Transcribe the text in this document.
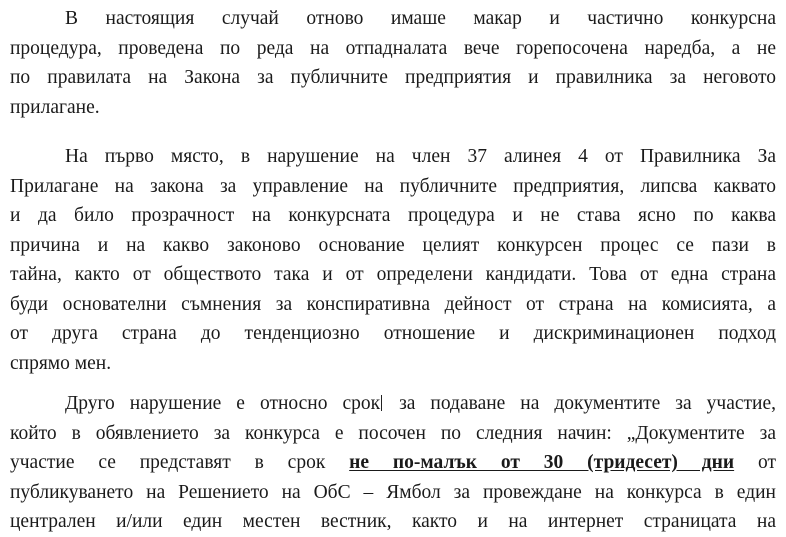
В настоящия случай отново имаше макар и частично конкурсна
процедура, проведена по реда на отпадналата вече горепосочена наредба, а не
по правилата на Закона за публичните предприятия и правилника за неговото
прилагане.
На първо място, в нарушение на член 37 алинея 4 от Правилника За
Прилагане на закона за управление на публичните предприятия, липсва каквато
и да било прозрачност на конкурсната процедура и не става ясно по каква
причина и на какво законово основание целият конкурсен процес се пази в
тайна, както от обществото така и от определени кандидати. Това от една страна
буди основателни съмнения за конспиративна дейност от страна на комисията, а
от друга страна до тенденциозно отношение и дискриминационен подход
спрямо мен.
Друго нарушение е относно срок за подаване на документите за участие,
който в обявлението за конкурса е посочен по следния начин: „Документите за
участие се представят в срок не по-малък от 30 (тридесет) дни от
публикуването на Решението на ОбС – Ямбол за провеждане на конкурса в един
централен и/или един местен вестник, както и на интернет страницата на
